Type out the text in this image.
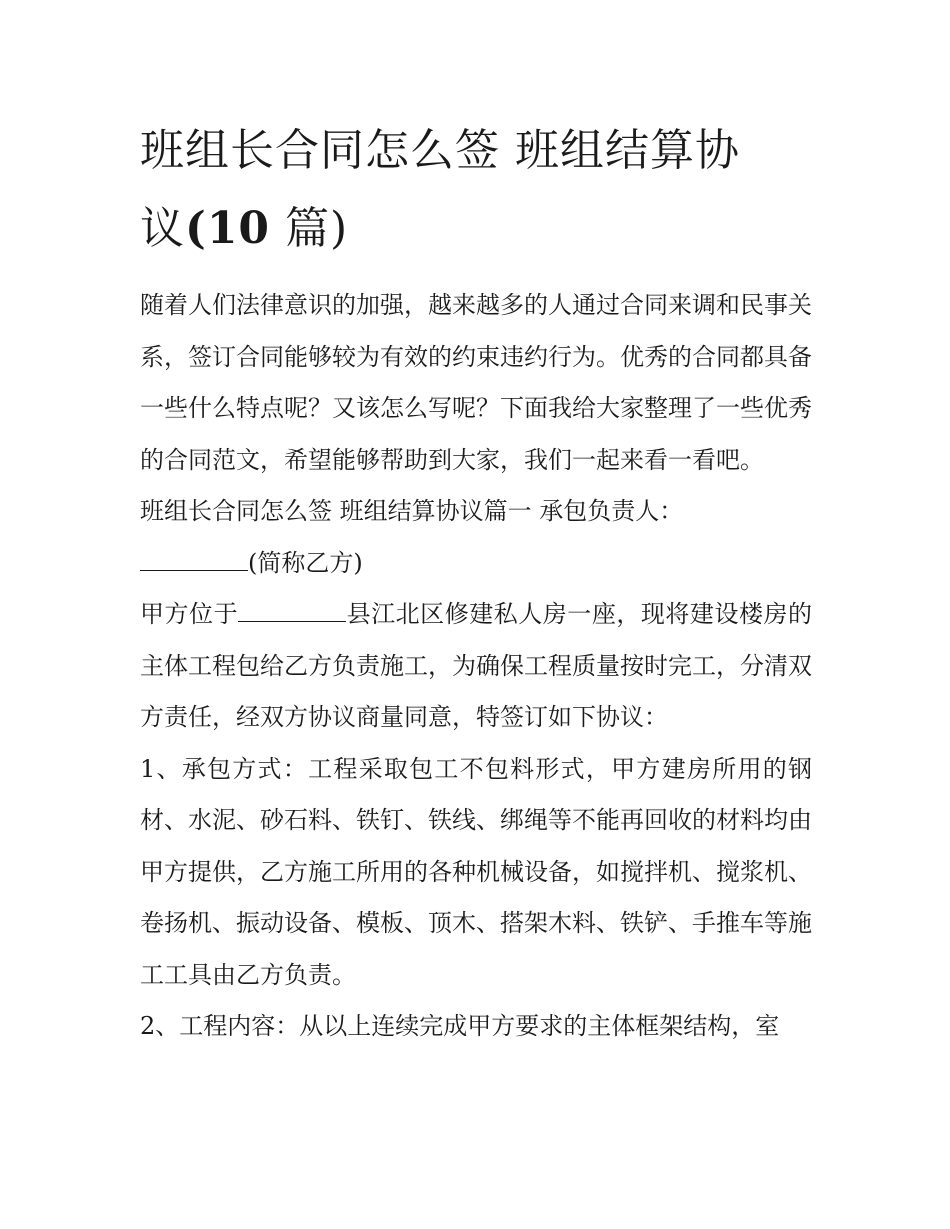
班组长合同怎么签 班组结算协
议(10 篇)

随着人们法律意识的加强，越来越多的人通过合同来调和民事关系，签订合同能够较为有效的约束违约行为。优秀的合同都具备一些什么特点呢？又该怎么写呢？下面我给大家整理了一些优秀的合同范文，希望能够帮助到大家，我们一起来看一看吧。

班组长合同怎么签 班组结算协议篇一 承包负责人：

(简称乙方)

甲方位于	县江北区修建私人房一座，现将建设楼房的主体工程包给乙方负责施工，为确保工程质量按时完工，分清双方责任，经双方协议商量同意，特签订如下协议：

1、承包方式：工程采取包工不包料形式，甲方建房所用的钢材、水泥、砂石料、铁钉、铁线、绑绳等不能再回收的材料均由甲方提供，乙方施工所用的各种机械设备，如搅拌机、搅浆机、卷扬机、振动设备、模板、顶木、搭架木料、铁铲、手推车等施工工具由乙方负责。

2、工程内容：从以上连续完成甲方要求的主体框架结构，室
